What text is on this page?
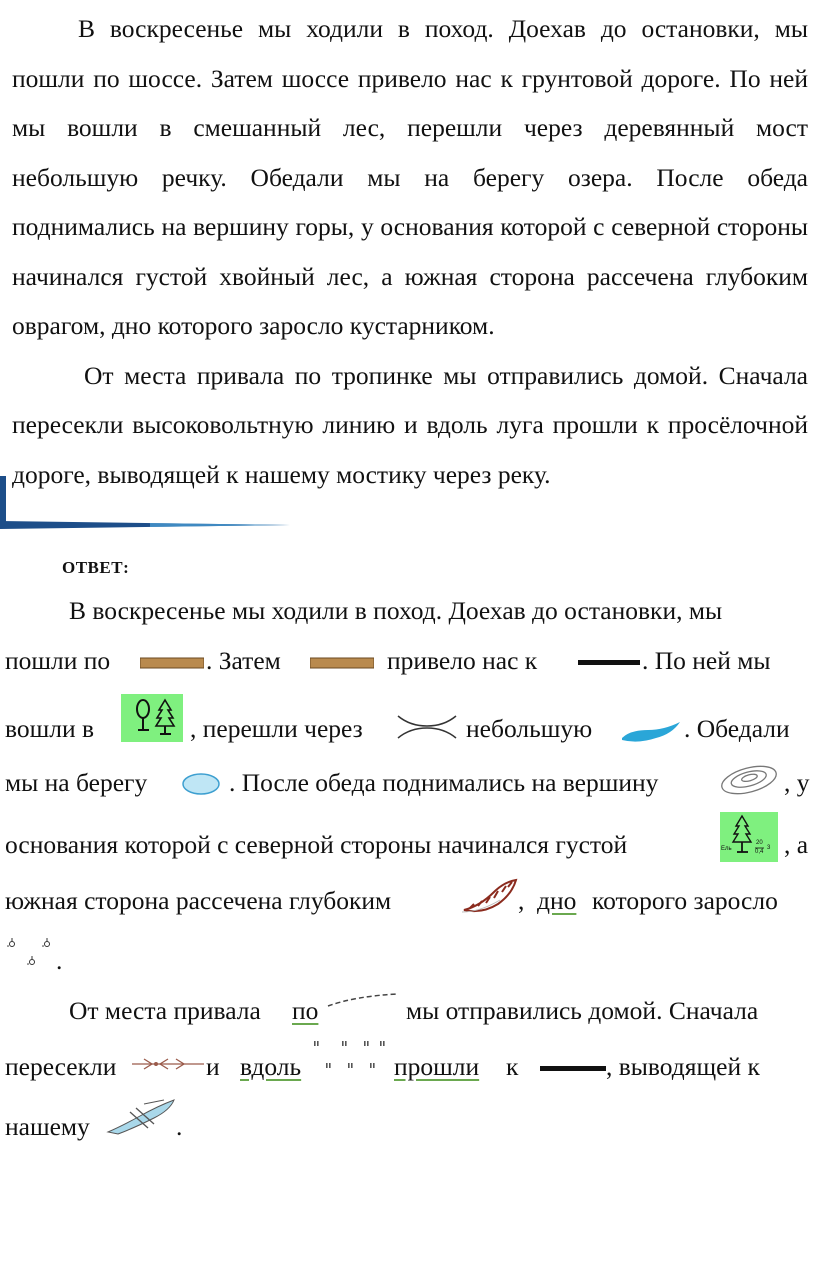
В воскресенье мы ходили в поход. Доехав до остановки, мы пошли по шоссе. Затем шоссе привело нас к грунтовой дороге. По ней мы вошли в смешанный лес, перешли через деревянный мост небольшую речку. Обедали мы на берегу озера. После обеда поднимались на вершину горы, у основания которой с северной стороны начинался густой хвойный лес, а южная сторона рассечена глубоким оврагом, дно которого заросло кустарником.

От места привала по тропинке мы отправились домой. Сначала пересекли высоковольтную линию и вдоль луга прошли к просёлочной дороге, выводящей к нашему мостику через реку.

ОТВЕТ:
В воскресенье мы ходили в поход. Доехав до остановки, мы
пошли по	. Затем	привело нас к	. По ней мы
вошли в	, перешли через	небольшую	. Обедали
мы на берегу	. После обеда поднимались на вершину	, у
основания которой с северной стороны начинался густой	Ель
20
0,4
3 , а
южная сторона рассечена глубоким	, дно которого заросло
.
От места привала по	мы отправились домой. Сначала
пересекли	и вдоль	прошли к	, выводящей к
нашему	.
